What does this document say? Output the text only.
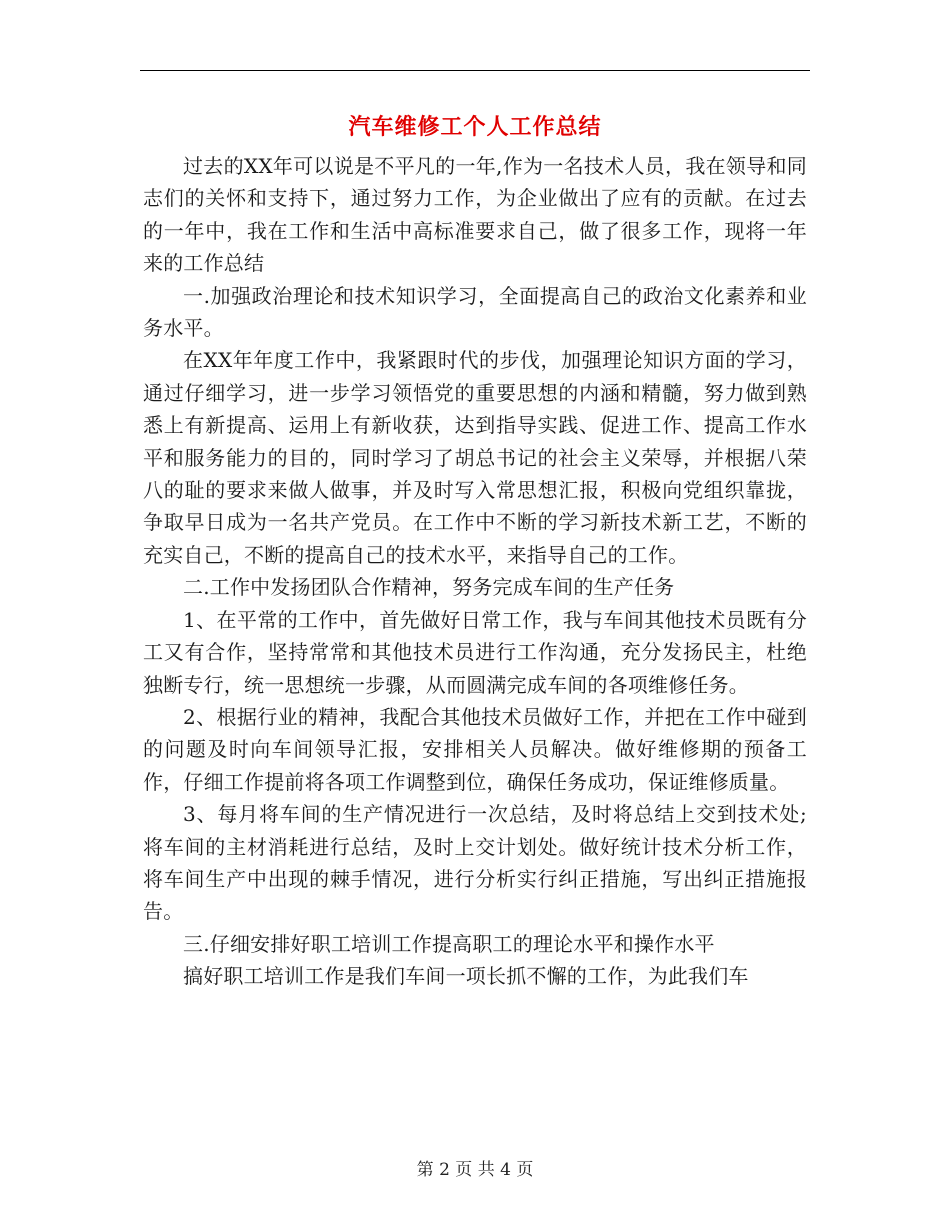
汽车维修工个人工作总结

过去的XX年可以说是不平凡的一年,作为一名技术人员，我在领导和同志们的关怀和支持下，通过努力工作，为企业做出了应有的贡献。在过去的一年中，我在工作和生活中高标准要求自己，做了很多工作，现将一年来的工作总结

一.加强政治理论和技术知识学习，全面提高自己的政治文化素养和业务水平。

在XX年年度工作中，我紧跟时代的步伐，加强理论知识方面的学习，通过仔细学习，进一步学习领悟党的重要思想的内涵和精髓，努力做到熟悉上有新提高、运用上有新收获，达到指导实践、促进工作、提高工作水平和服务能力的目的，同时学习了胡总书记的社会主义荣辱，并根据八荣八的耻的要求来做人做事，并及时写入常思想汇报，积极向党组织靠拢，争取早日成为一名共产党员。在工作中不断的学习新技术新工艺，不断的充实自己，不断的提高自己的技术水平，来指导自己的工作。

二.工作中发扬团队合作精神，努务完成车间的生产任务

1、在平常的工作中，首先做好日常工作，我与车间其他技术员既有分工又有合作，坚持常常和其他技术员进行工作沟通，充分发扬民主，杜绝独断专行，统一思想统一步骤，从而圆满完成车间的各项维修任务。

2、根据行业的精神，我配合其他技术员做好工作，并把在工作中碰到的问题及时向车间领导汇报，安排相关人员解决。做好维修期的预备工作，仔细工作提前将各项工作调整到位，确保任务成功，保证维修质量。

3、每月将车间的生产情况进行一次总结，及时将总结上交到技术处;将车间的主材消耗进行总结，及时上交计划处。做好统计技术分析工作，将车间生产中出现的棘手情况，进行分析实行纠正措施，写出纠正措施报告。

三.仔细安排好职工培训工作提高职工的理论水平和操作水平

搞好职工培训工作是我们车间一项长抓不懈的工作，为此我们车

第 2 页 共 4 页
